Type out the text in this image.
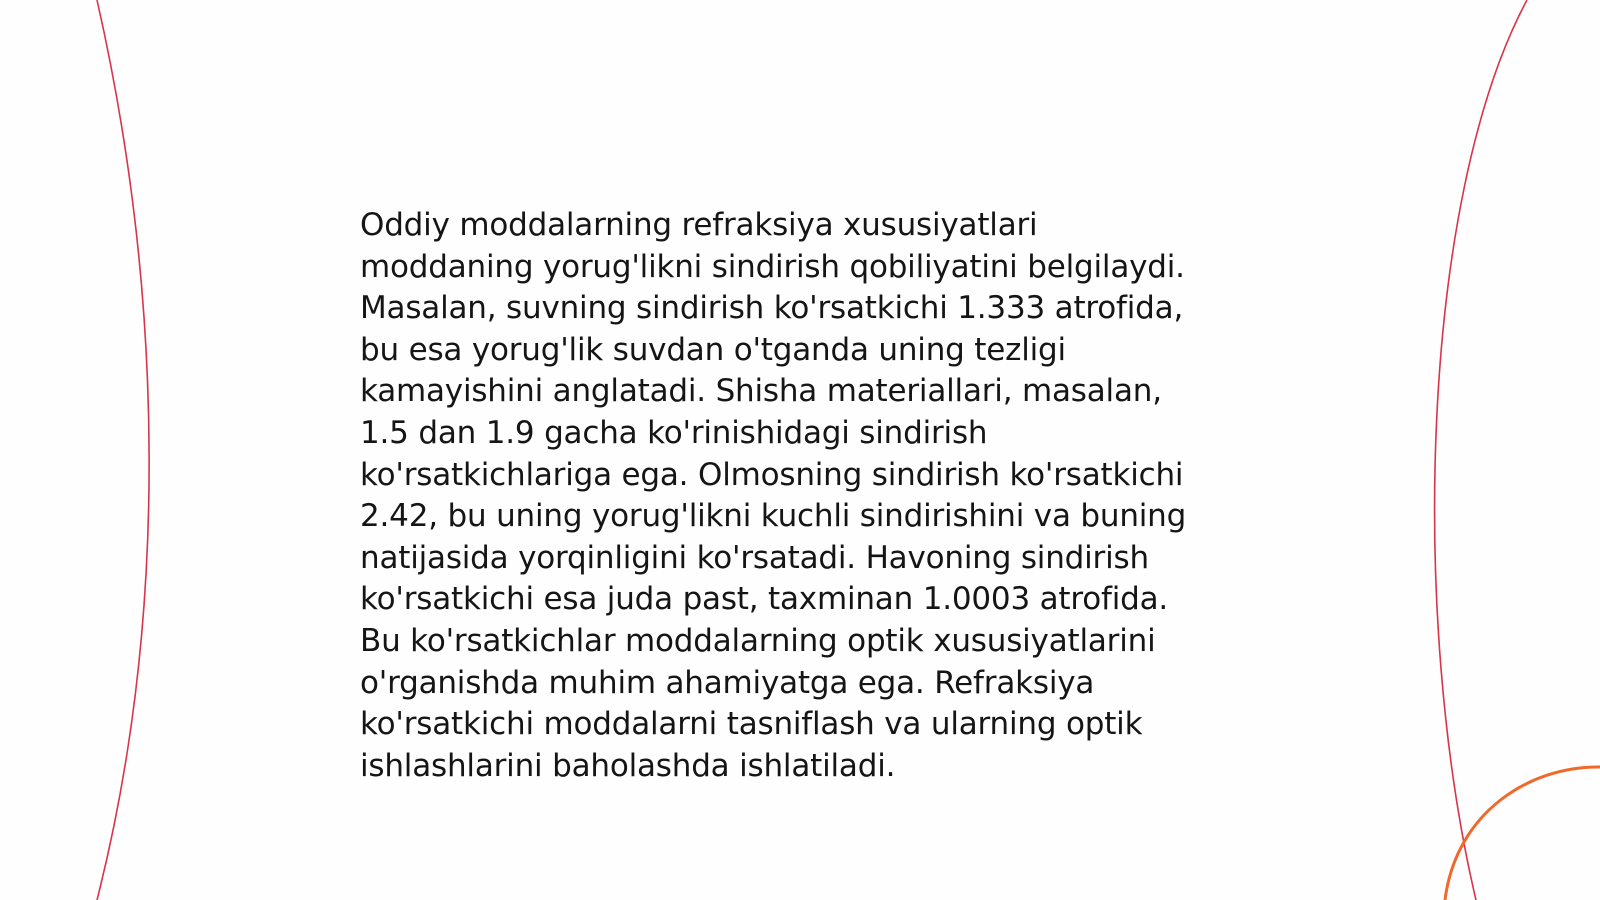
Oddiy moddalarning refraksiya xususiyatlari
moddaning yorug'likni sindirish qobiliyatini belgilaydi.
Masalan, suvning sindirish ko'rsatkichi 1.333 atrofida,
bu esa yorug'lik suvdan o'tganda uning tezligi
kamayishini anglatadi. Shisha materiallari, masalan,
1.5 dan 1.9 gacha ko'rinishidagi sindirish
ko'rsatkichlariga ega. Olmosning sindirish ko'rsatkichi
2.42, bu uning yorug'likni kuchli sindirishini va buning
natijasida yorqinligini ko'rsatadi. Havoning sindirish
ko'rsatkichi esa juda past, taxminan 1.0003 atrofida.
Bu ko'rsatkichlar moddalarning optik xususiyatlarini
o'rganishda muhim ahamiyatga ega. Refraksiya
ko'rsatkichi moddalarni tasniflash va ularning optik
ishlashlarini baholashda ishlatiladi.
